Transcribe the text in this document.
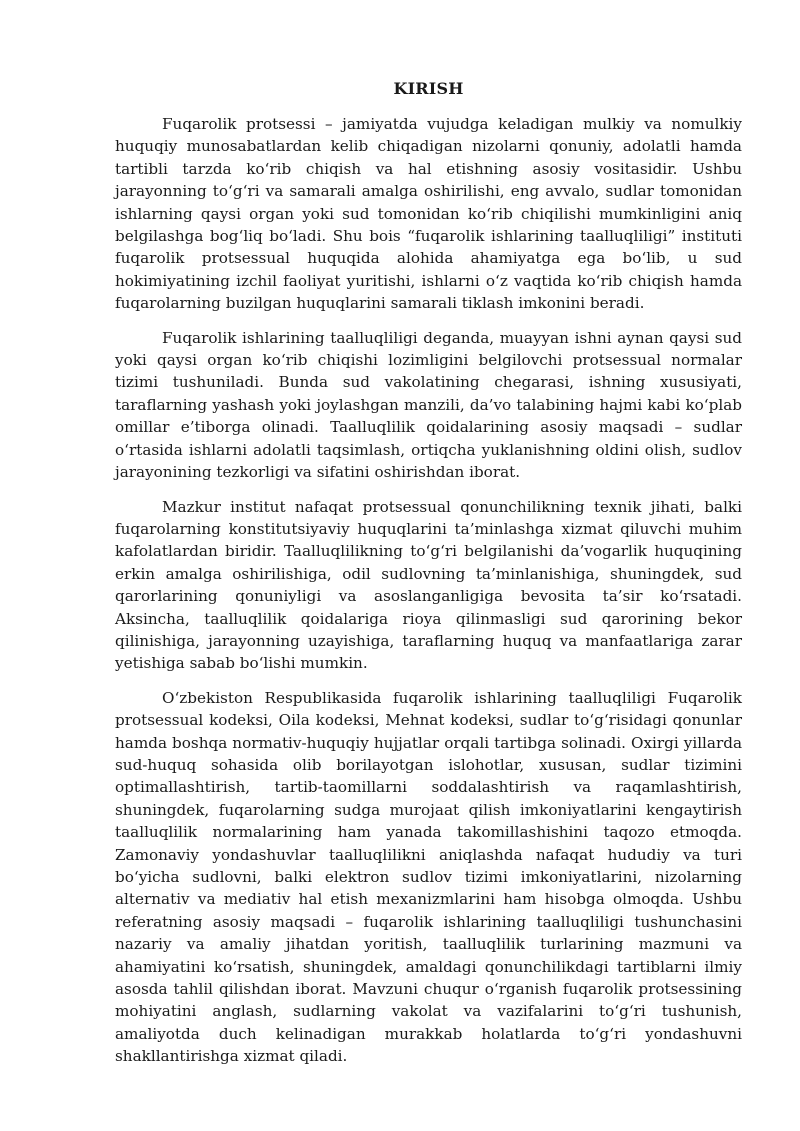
KIRISH

Fuqarolik protsessi – jamiyatda vujudga keladigan mulkiy va nomulkiy huquqiy munosabatlardan kelib chiqadigan nizolarni qonuniy, adolatli hamda tartibli tarzda ko‘rib chiqish va hal etishning asosiy vositasidir. Ushbu jarayonning to‘g‘ri va samarali amalga oshirilishi, eng avvalo, sudlar tomonidan ishlarning qaysi organ yoki sud tomonidan ko‘rib chiqilishi mumkinligini aniq belgilashga bog‘liq bo‘ladi. Shu bois “fuqarolik ishlarining taalluqliligi” instituti fuqarolik protsessual huquqida alohida ahamiyatga ega bo‘lib, u sud hokimiyatining izchil faoliyat yuritishi, ishlarni o‘z vaqtida ko‘rib chiqish hamda fuqarolarning buzilgan huquqlarini samarali tiklash imkonini beradi.

Fuqarolik ishlarining taalluqliligi deganda, muayyan ishni aynan qaysi sud yoki qaysi organ ko‘rib chiqishi lozimligini belgilovchi protsessual normalar tizimi tushuniladi. Bunda sud vakolatining chegarasi, ishning xususiyati, taraflarning yashash yoki joylashgan manzili, da’vo talabining hajmi kabi ko‘plab omillar e’tiborga olinadi. Taalluqlilik qoidalarining asosiy maqsadi – sudlar o‘rtasida ishlarni adolatli taqsimlash, ortiqcha yuklanishning oldini olish, sudlov jarayonining tezkorligi va sifatini oshirishdan iborat.

Mazkur institut nafaqat protsessual qonunchilikning texnik jihati, balki fuqarolarning konstitutsiyaviy huquqlarini ta’minlashga xizmat qiluvchi muhim kafolatlardan biridir. Taalluqlilikning to‘g‘ri belgilanishi da’vogarlik huquqining erkin amalga oshirilishiga, odil sudlovning ta’minlanishiga, shuningdek, sud qarorlarining qonuniyligi va asoslanganligiga bevosita ta’sir ko‘rsatadi. Aksincha, taalluqlilik qoidalariga rioya qilinmasligi sud qarorining bekor qilinishiga, jarayonning uzayishiga, taraflarning huquq va manfaatlariga zarar yetishiga sabab bo‘lishi mumkin.

O‘zbekiston Respublikasida fuqarolik ishlarining taalluqliligi Fuqarolik protsessual kodeksi, Oila kodeksi, Mehnat kodeksi, sudlar to‘g‘risidagi qonunlar hamda boshqa normativ-huquqiy hujjatlar orqali tartibga solinadi. Oxirgi yillarda sud-huquq sohasida olib borilayotgan islohotlar, xususan, sudlar tizimini optimallashtirish, tartib-taomillarni soddalashtirish va raqamlashtirish, shuningdek, fuqarolarning sudga murojaat qilish imkoniyatlarini kengaytirish taalluqlilik normalarining ham yanada takomillashishini taqozo etmoqda. Zamonaviy yondashuvlar taalluqlilikni aniqlashda nafaqat hududiy va turi bo‘yicha sudlovni, balki elektron sudlov tizimi imkoniyatlarini, nizolarning alternativ va mediativ hal etish mexanizmlarini ham hisobga olmoqda. Ushbu referatning asosiy maqsadi – fuqarolik ishlarining taalluqliligi tushunchasini nazariy va amaliy jihatdan yoritish, taalluqlilik turlarining mazmuni va ahamiyatini ko‘rsatish, shuningdek, amaldagi qonunchilikdagi tartiblarni ilmiy asosda tahlil qilishdan iborat. Mavzuni chuqur o‘rganish fuqarolik protsessining mohiyatini anglash, sudlarning vakolat va vazifalarini to‘g‘ri tushunish, amaliyotda duch kelinadigan murakkab holatlarda to‘g‘ri yondashuvni shakllantirishga xizmat qiladi.
